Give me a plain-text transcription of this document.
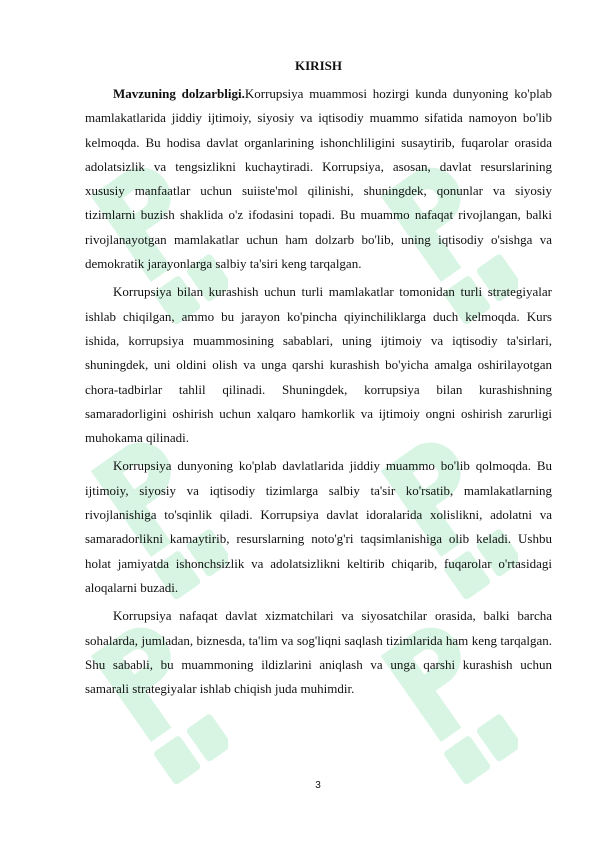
KIRISH

Mavzuning dolzarbligi.Korrupsiya muammosi hozirgi kunda dunyoning ko'plab mamlakatlarida jiddiy ijtimoiy, siyosiy va iqtisodiy muammo sifatida namoyon bo'lib kelmoqda. Bu hodisa davlat organlarining ishonchliligini susaytirib, fuqarolar orasida adolatsizlik va tengsizlikni kuchaytiradi. Korrupsiya, asosan, davlat resurslarining xususiy manfaatlar uchun suiiste'mol qilinishi, shuningdek, qonunlar va siyosiy tizimlarni buzish shaklida o'z ifodasini topadi. Bu muammo nafaqat rivojlangan, balki rivojlanayotgan mamlakatlar uchun ham dolzarb bo'lib, uning iqtisodiy o'sishga va demokratik jarayonlarga salbiy ta'siri keng tarqalgan.

Korrupsiya bilan kurashish uchun turli mamlakatlar tomonidan turli strategiyalar ishlab chiqilgan, ammo bu jarayon ko'pincha qiyinchiliklarga duch kelmoqda. Kurs ishida, korrupsiya muammosining sabablari, uning ijtimoiy va iqtisodiy ta'sirlari, shuningdek, uni oldini olish va unga qarshi kurashish bo'yicha amalga oshirilayotgan chora-tadbirlar tahlil qilinadi. Shuningdek, korrupsiya bilan kurashishning samaradorligini oshirish uchun xalqaro hamkorlik va ijtimoiy ongni oshirish zarurligi muhokama qilinadi.

Korrupsiya dunyoning ko'plab davlatlarida jiddiy muammo bo'lib qolmoqda. Bu ijtimoiy, siyosiy va iqtisodiy tizimlarga salbiy ta'sir ko'rsatib, mamlakatlarning rivojlanishiga to'sqinlik qiladi. Korrupsiya davlat idoralarida xolislikni, adolatni va samaradorlikni kamaytirib, resurslarning noto'g'ri taqsimlanishiga olib keladi. Ushbu holat jamiyatda ishonchsizlik va adolatsizlikni keltirib chiqarib, fuqarolar o'rtasidagi aloqalarni buzadi.

Korrupsiya nafaqat davlat xizmatchilari va siyosatchilar orasida, balki barcha sohalarda, jumladan, biznesda, ta'lim va sog'liqni saqlash tizimlarida ham keng tarqalgan. Shu sababli, bu muammoning ildizlarini aniqlash va unga qarshi kurashish uchun samarali strategiyalar ishlab chiqish juda muhimdir.

3
